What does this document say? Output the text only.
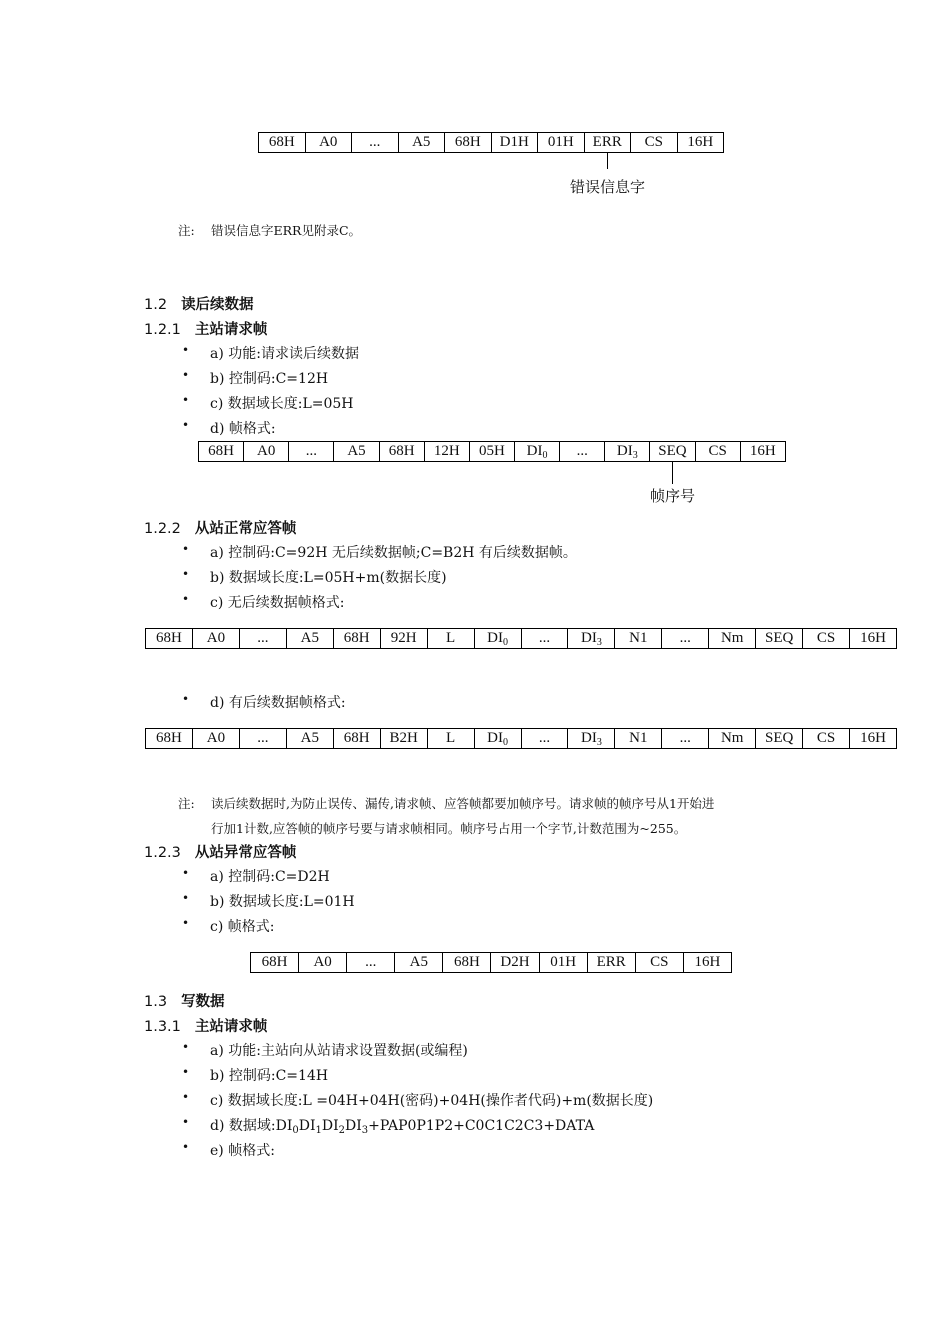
68H	A0	...	A5	68H	D1H	01H	ERR	CS	16H
错误信息字
注: 错误信息字ERR见附录C。
1.2 读后续数据
1.2.1 主站请求帧
• a) 功能:请求读后续数据
• b) 控制码:C=12H
• c) 数据域长度:L=05H
• d) 帧格式:
68H	A0	...	A5	68H	12H	05H	$DI_0$	...	$DI_3$	SEQ	CS	16H
帧序号
1.2.2 从站正常应答帧
• a) 控制码:C=92H 无后续数据帧;C=B2H 有后续数据帧。
• b) 数据域长度:L=05H+m(数据长度)
• c) 无后续数据帧格式:
68H	A0	...	A5	68H	92H	L	$DI_0$	...	$DI_3$	N1	...	Nm	SEQ	CS	16H
• d) 有后续数据帧格式:
68H	A0	...	A5	68H	B2H	L	$DI_0$	...	$DI_3$	N1	...	Nm	SEQ	CS	16H
注: 读后续数据时,为防止误传、漏传,请求帧、应答帧都要加帧序号。请求帧的帧序号从1开始进
行加1计数,应答帧的帧序号要与请求帧相同。帧序号占用一个字节,计数范围为~255。
1.2.3 从站异常应答帧
• a) 控制码:C=D2H
• b) 数据域长度:L=01H
• c) 帧格式:
68H	A0	...	A5	68H	D2H	01H	ERR	CS	16H
1.3 写数据
1.3.1 主站请求帧
• a) 功能:主站向从站请求设置数据(或编程)
• b) 控制码:C=14H
• c) 数据域长度:L =04H+04H(密码)+04H(操作者代码)+m(数据长度)
• d) 数据域$:DI_0DI_1DI_2DI_3+PAP0P1P2+C0C1C2C3+DATA$
• e) 帧格式:
